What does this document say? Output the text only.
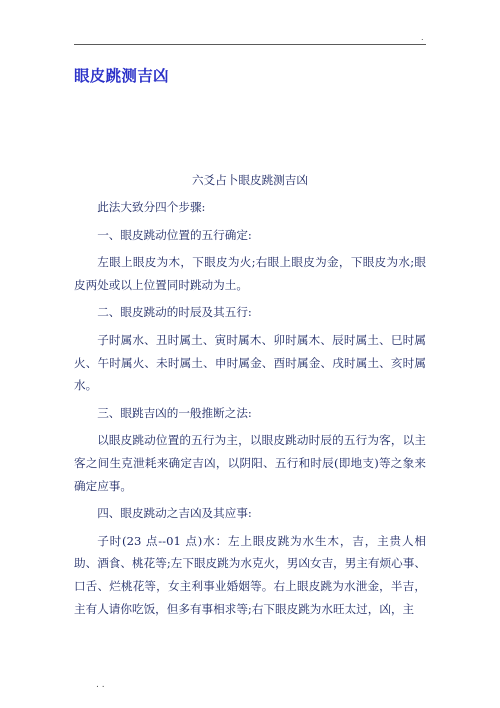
.
眼皮跳测吉凶

六爻占卜眼皮跳测吉凶

此法大致分四个步骤:

一、眼皮跳动位置的五行确定:

左眼上眼皮为木，下眼皮为火;右眼上眼皮为金，下眼皮为水;眼皮两处或以上位置同时跳动为土。

二、眼皮跳动的时辰及其五行:

子时属水、丑时属土、寅时属木、卯时属木、辰时属土、巳时属火、午时属火、未时属土、申时属金、酉时属金、戌时属土、亥时属水。

三、眼跳吉凶的一般推断之法:

以眼皮跳动位置的五行为主，以眼皮跳动时辰的五行为客，以主客之间生克泄耗来确定吉凶，以阴阳、五行和时辰(即地支)等之象来确定应事。

四、眼皮跳动之吉凶及其应事:

子时(23 点--01 点)水：左上眼皮跳为水生木，吉，主贵人相助、酒食、桃花等;左下眼皮跳为水克火，男凶女吉，男主有烦心事、口舌、烂桃花等，女主利事业婚姻等。右上眼皮跳为水泄金，半吉，主有人请你吃饭，但多有事相求等;右下眼皮跳为水旺太过，凶，主

. .
